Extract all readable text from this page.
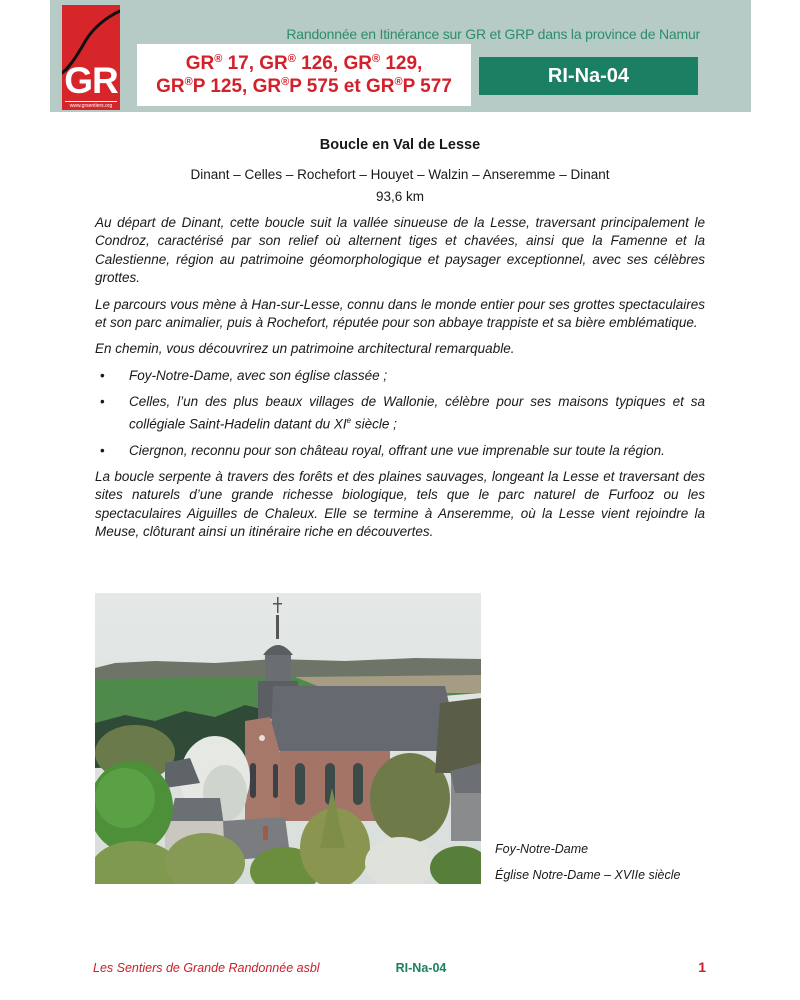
GR
www.grsentiers.org
Randonnée en Itinérance sur GR et GRP dans la province de Namur
GR® 17, GR® 126, GR® 129,
GR®P 125, GR®P 575 et GR®P 577	RI-Na-04
Boucle en Val de Lesse
Dinant – Celles – Rochefort – Houyet – Walzin – Anseremme – Dinant
93,6 km

Au départ de Dinant, cette boucle suit la vallée sinueuse de la Lesse, traversant principalement le Condroz, caractérisé par son relief où alternent tiges et chavées, ainsi que la Famenne et la Calestienne, région au patrimoine géomorphologique et paysager exceptionnel, avec ses célèbres grottes.

Le parcours vous mène à Han-sur-Lesse, connu dans le monde entier pour ses grottes spectaculaires et son parc animalier, puis à Rochefort, réputée pour son abbaye trappiste et sa bière emblématique.

En chemin, vous découvrirez un patrimoine architectural remarquable.

• Foy-Notre-Dame, avec son église classée ;
• Celles, l’un des plus beaux villages de Wallonie, célèbre pour ses maisons typiques et sa collégiale Saint-Hadelin datant du XIe siècle ;
• Ciergnon, reconnu pour son château royal, offrant une vue imprenable sur toute la région.

La boucle serpente à travers des forêts et des plaines sauvages, longeant la Lesse et traversant des sites naturels d’une grande richesse biologique, tels que le parc naturel de Furfooz ou les spectaculaires Aiguilles de Chaleux. Elle se termine à Anseremme, où la Lesse vient rejoindre la Meuse, clôturant ainsi un itinéraire riche en découvertes.

Foy-Notre-Dame
Église Notre-Dame – XVIIe siècle
Les Sentiers de Grande Randonnée asbl	RI-Na-04	1
